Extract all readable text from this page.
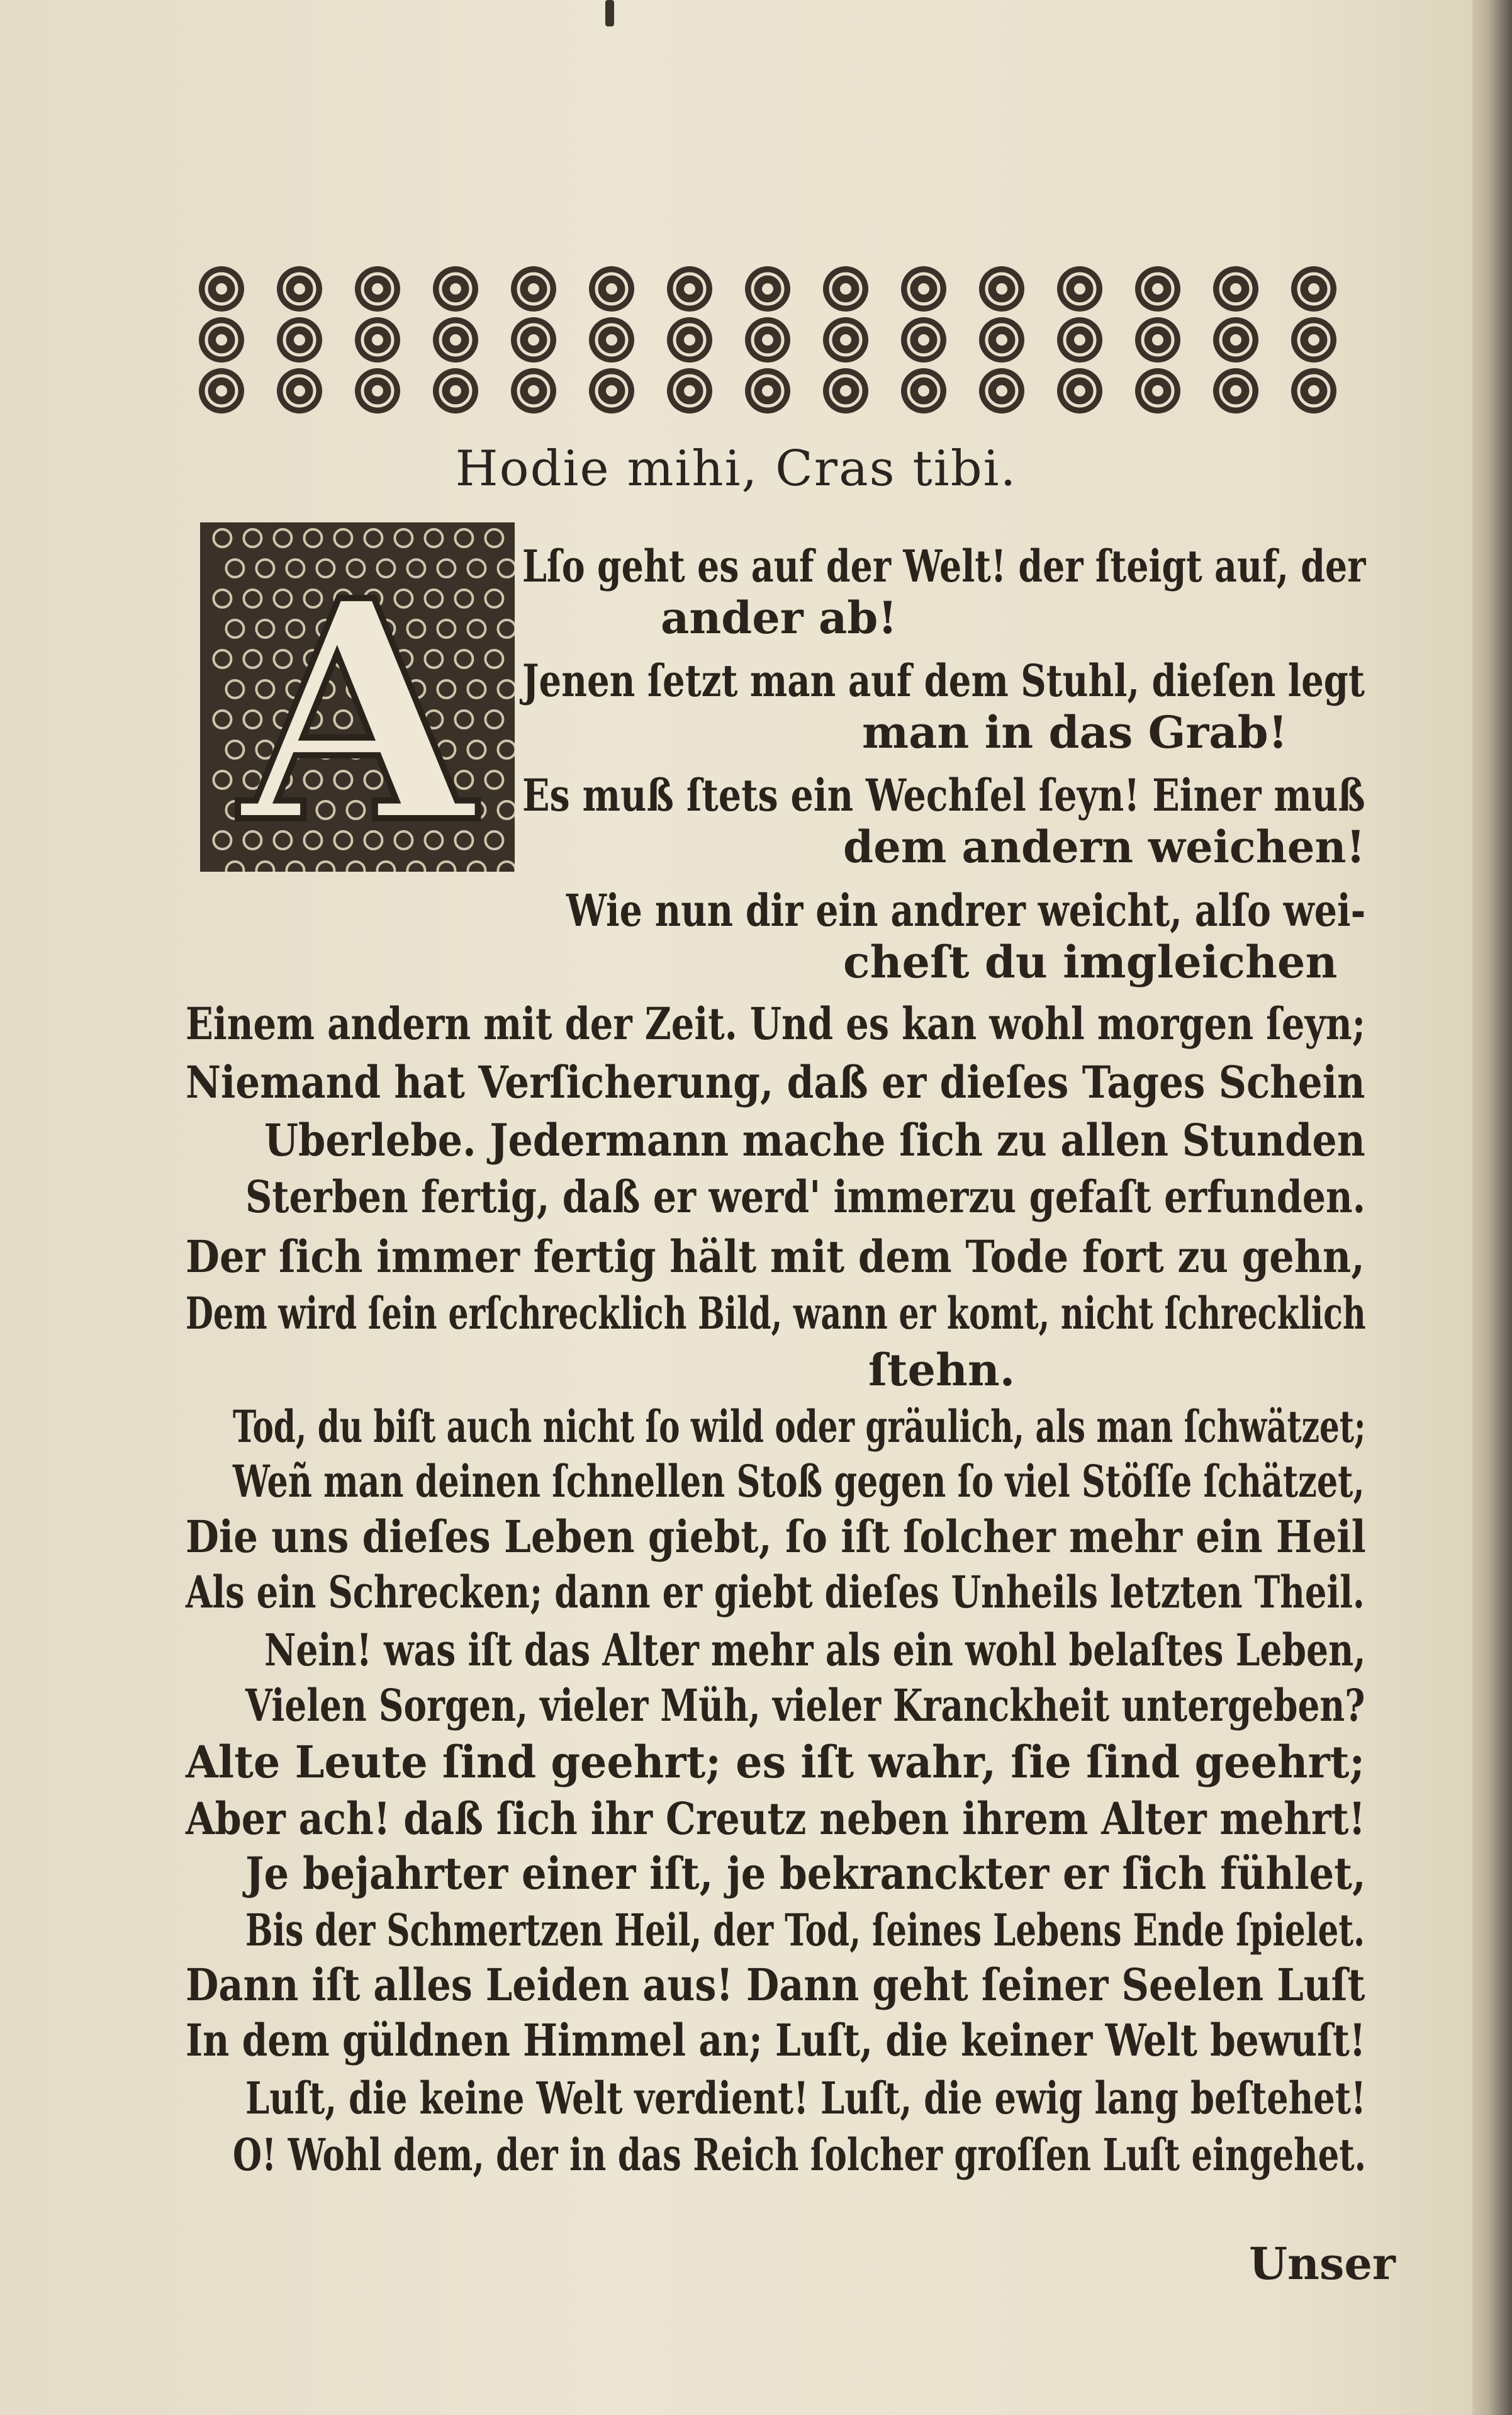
Hodie mihi, Cras tibi.
A Lſo geht es auf der Welt! der ſteigt auf, der
ander ab!
Jenen ſetzt man auf dem Stuhl, dieſen legt
man in das Grab!
Es muß ſtets ein Wechſel ſeyn! Einer muß
dem andern weichen!
Wie nun dir ein andrer weicht, alſo wei-
cheſt du imgleichen
Einem andern mit der Zeit. Und es kan wohl morgen ſeyn;
Niemand hat Verſicherung, daß er dieſes Tages Schein
Uberlebe. Jedermann mache ſich zu allen Stunden
Sterben fertig, daß er werd' immerzu gefaſt erfunden.
Der ſich immer fertig hält mit dem Tode fort zu gehn,
Dem wird ſein erſchrecklich Bild, wann er komt, nicht ſchrecklich
ſtehn.
Tod, du biſt auch nicht ſo wild oder gräulich, als man ſchwätzet;
Weñ man deinen ſchnellen Stoß gegen ſo viel Stöſſe ſchätzet,
Die uns dieſes Leben giebt, ſo iſt ſolcher mehr ein Heil
Als ein Schrecken; dann er giebt dieſes Unheils letzten Theil.
Nein! was iſt das Alter mehr als ein wohl belaſtes Leben,
Vielen Sorgen, vieler Müh, vieler Kranckheit untergeben?
Alte Leute ſind geehrt; es iſt wahr, ſie ſind geehrt;
Aber ach! daß ſich ihr Creutz neben ihrem Alter mehrt!
Je bejahrter einer iſt, je bekranckter er ſich fühlet,
Bis der Schmertzen Heil, der Tod, ſeines Lebens Ende ſpielet.
Dann iſt alles Leiden aus! Dann geht ſeiner Seelen Luſt
In dem güldnen Himmel an; Luſt, die keiner Welt bewuſt!
Luſt, die keine Welt verdient! Luſt, die ewig lang beſtehet!
O! Wohl dem, der in das Reich ſolcher groſſen Luſt eingehet.
Unser
